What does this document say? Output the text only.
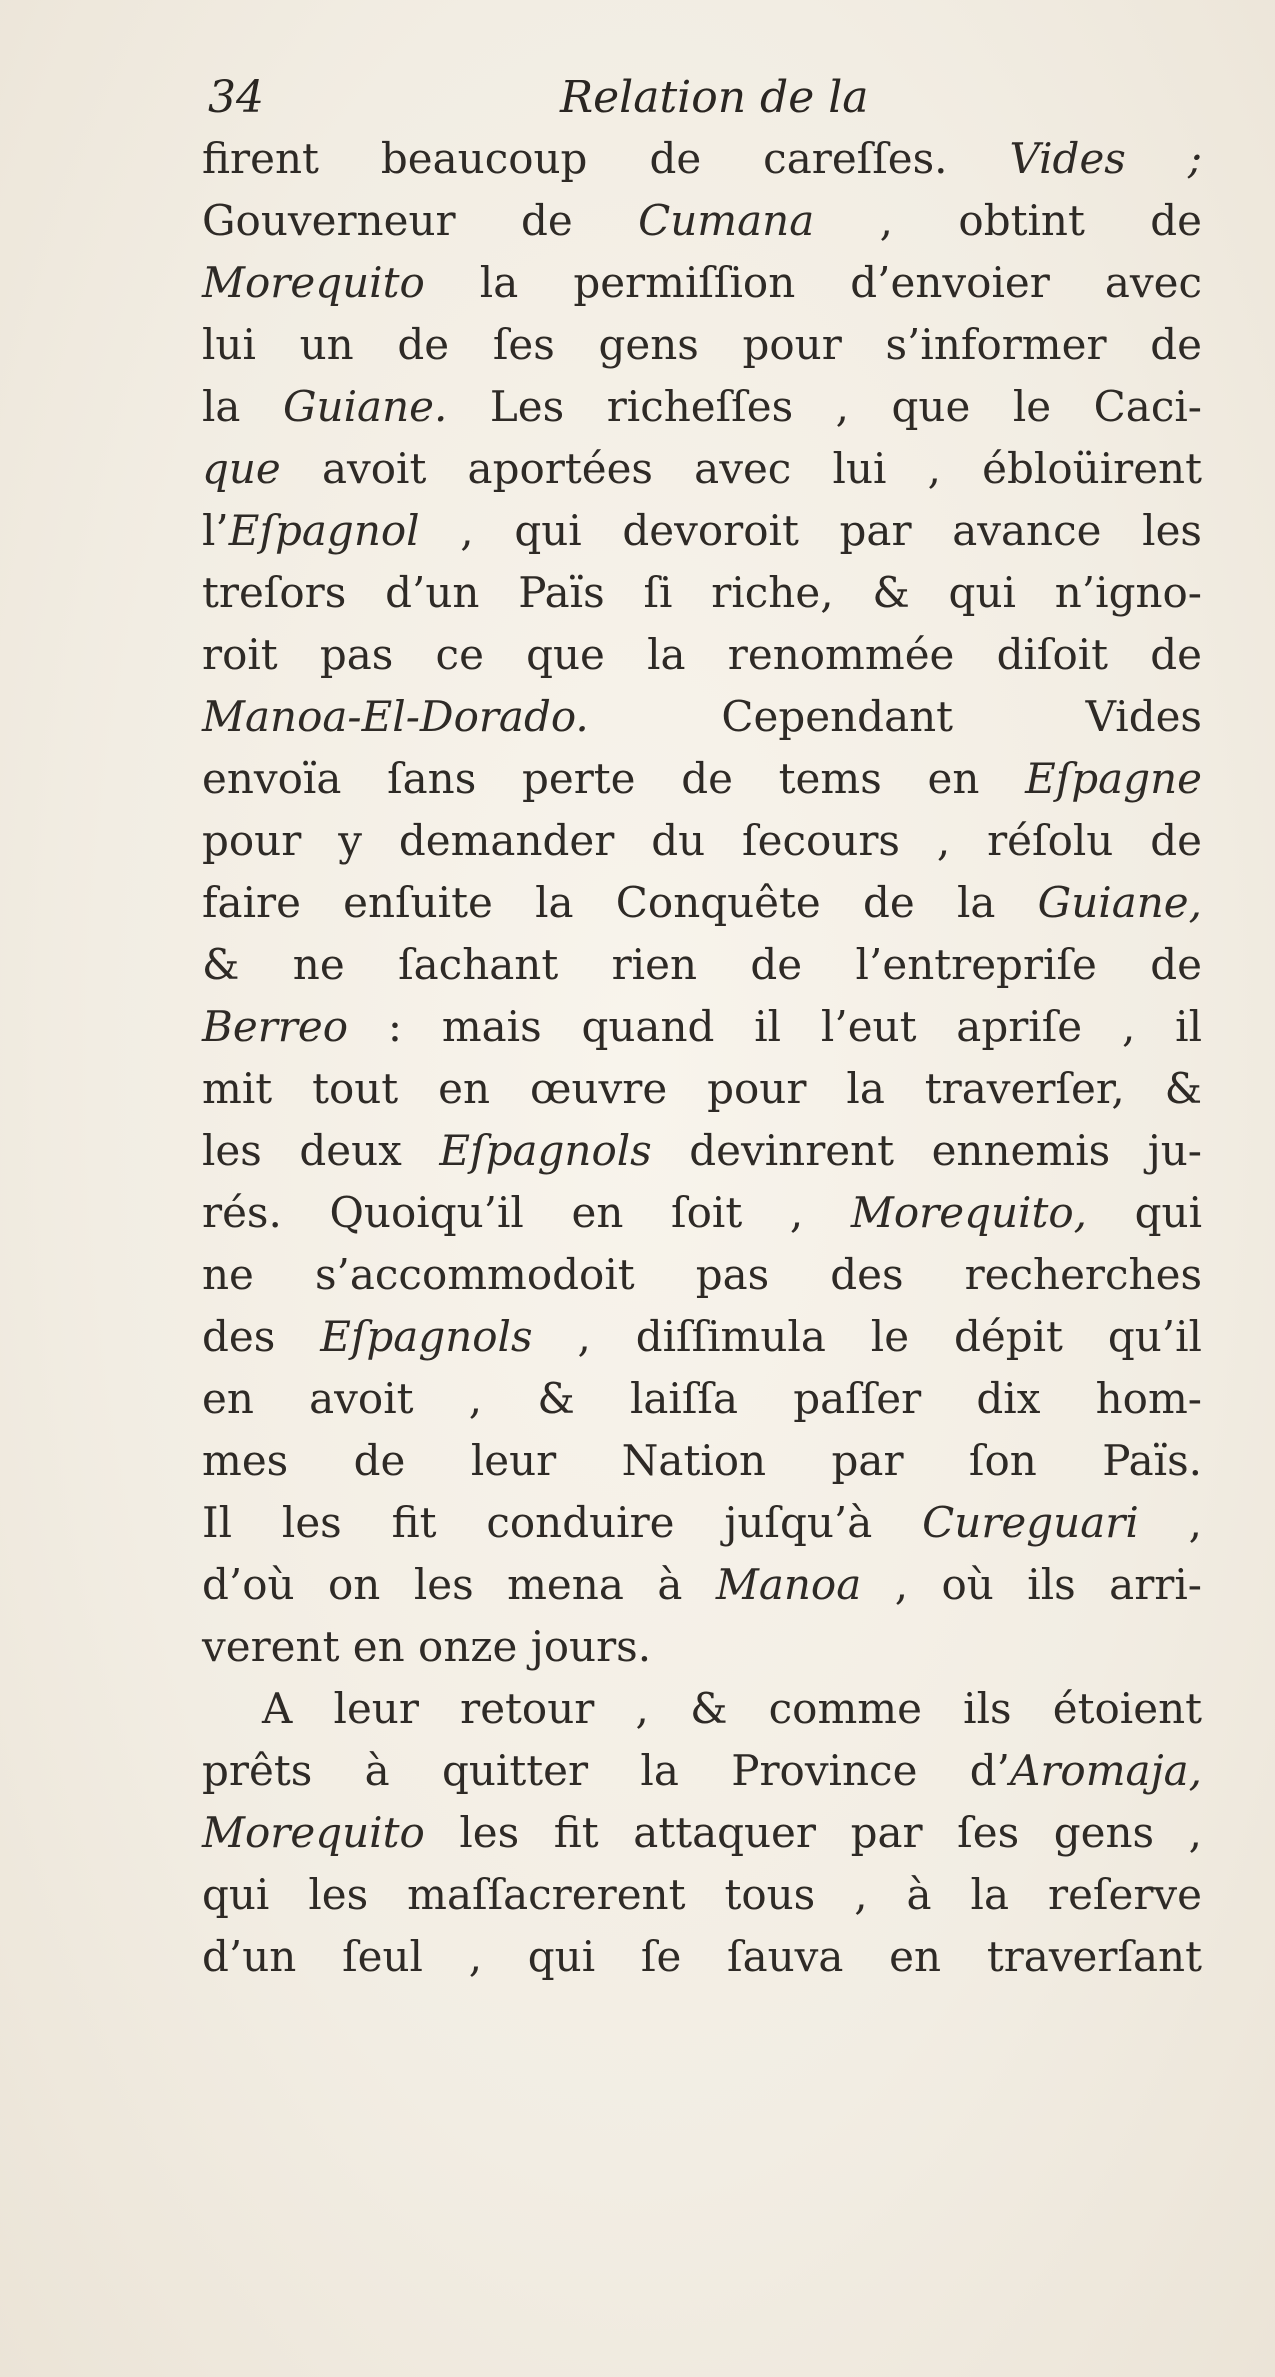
34	Relation de la
firent beaucoup de careſſes. Vides ;
Gouverneur de Cumana , obtint de
Morequito la permiſſion d’envoier avec
lui un de ſes gens pour s’informer de
la Guiane. Les richeſſes , que le Caci-
que avoit aportées avec lui , ébloüirent
l’Eſpagnol , qui devoroit par avance les
treſors d’un Païs ſi riche, & qui n’igno-
roit pas ce que la renommée diſoit de
Manoa-El-Dorado. Cependant Vides
envoïa ſans perte de tems en Eſpagne
pour y demander du ſecours , réſolu de
faire enſuite la Conquête de la Guiane,
& ne ſachant rien de l’entrepriſe de
Berreo : mais quand il l’eut apriſe , il
mit tout en œuvre pour la traverſer, &
les deux Eſpagnols devinrent ennemis ju-
rés. Quoiqu’il en ſoit , Morequito, qui
ne s’accommodoit pas des recherches
des Eſpagnols , diſſimula le dépit qu’il
en avoit , & laiſſa paſſer dix hom-
mes de leur Nation par ſon Païs.
Il les fit conduire juſqu’à Cureguari ,
d’où on les mena à Manoa , où ils arri-
verent en onze jours.
A leur retour , & comme ils étoient
prêts à quitter la Province d’Aromaja,
Morequito les fit attaquer par ſes gens ,
qui les maſſacrerent tous , à la reſerve
d’un ſeul , qui ſe ſauva en traverſant
